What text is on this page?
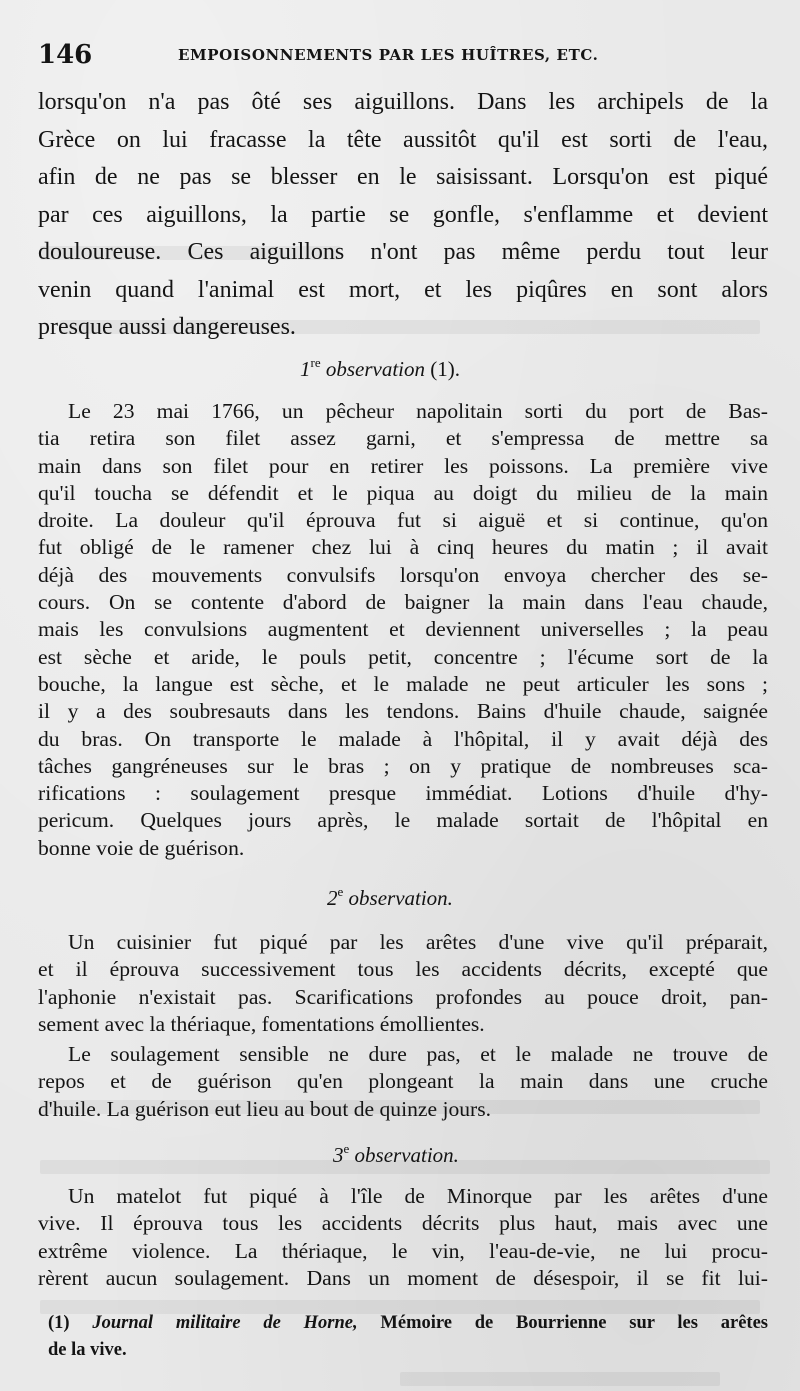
146	EMPOISONNEMENTS PAR LES HUÎTRES, ETC.
lorsqu'on n'a pas ôté ses aiguillons. Dans les archipels de la
Grèce on lui fracasse la tête aussitôt qu'il est sorti de l'eau,
afin de ne pas se blesser en le saisissant. Lorsqu'on est piqué
par ces aiguillons, la partie se gonfle, s'enflamme et devient
douloureuse. Ces aiguillons n'ont pas même perdu tout leur
venin quand l'animal est mort, et les piqûres en sont alors
presque aussi dangereuses.
1re observation (1).
Le 23 mai 1766, un pêcheur napolitain sorti du port de Bas-
tia retira son filet assez garni, et s'empressa de mettre sa
main dans son filet pour en retirer les poissons. La première vive
qu'il toucha se défendit et le piqua au doigt du milieu de la main
droite. La douleur qu'il éprouva fut si aiguë et si continue, qu'on
fut obligé de le ramener chez lui à cinq heures du matin ; il avait
déjà des mouvements convulsifs lorsqu'on envoya chercher des se-
cours. On se contente d'abord de baigner la main dans l'eau chaude,
mais les convulsions augmentent et deviennent universelles ; la peau
est sèche et aride, le pouls petit, concentre ; l'écume sort de la
bouche, la langue est sèche, et le malade ne peut articuler les sons ;
il y a des soubresauts dans les tendons. Bains d'huile chaude, saignée
du bras. On transporte le malade à l'hôpital, il y avait déjà des
tâches gangréneuses sur le bras ; on y pratique de nombreuses sca-
rifications : soulagement presque immédiat. Lotions d'huile d'hy-
pericum. Quelques jours après, le malade sortait de l'hôpital en
bonne voie de guérison.
2e observation.
Un cuisinier fut piqué par les arêtes d'une vive qu'il préparait,
et il éprouva successivement tous les accidents décrits, excepté que
l'aphonie n'existait pas. Scarifications profondes au pouce droit, pan-
sement avec la thériaque, fomentations émollientes.
Le soulagement sensible ne dure pas, et le malade ne trouve de
repos et de guérison qu'en plongeant la main dans une cruche
d'huile. La guérison eut lieu au bout de quinze jours.
3e observation.
Un matelot fut piqué à l'île de Minorque par les arêtes d'une
vive. Il éprouva tous les accidents décrits plus haut, mais avec une
extrême violence. La thériaque, le vin, l'eau-de-vie, ne lui procu-
rèrent aucun soulagement. Dans un moment de désespoir, il se fit lui-
(1) Journal militaire de Horne, Mémoire de Bourrienne sur les arêtes
de la vive.
